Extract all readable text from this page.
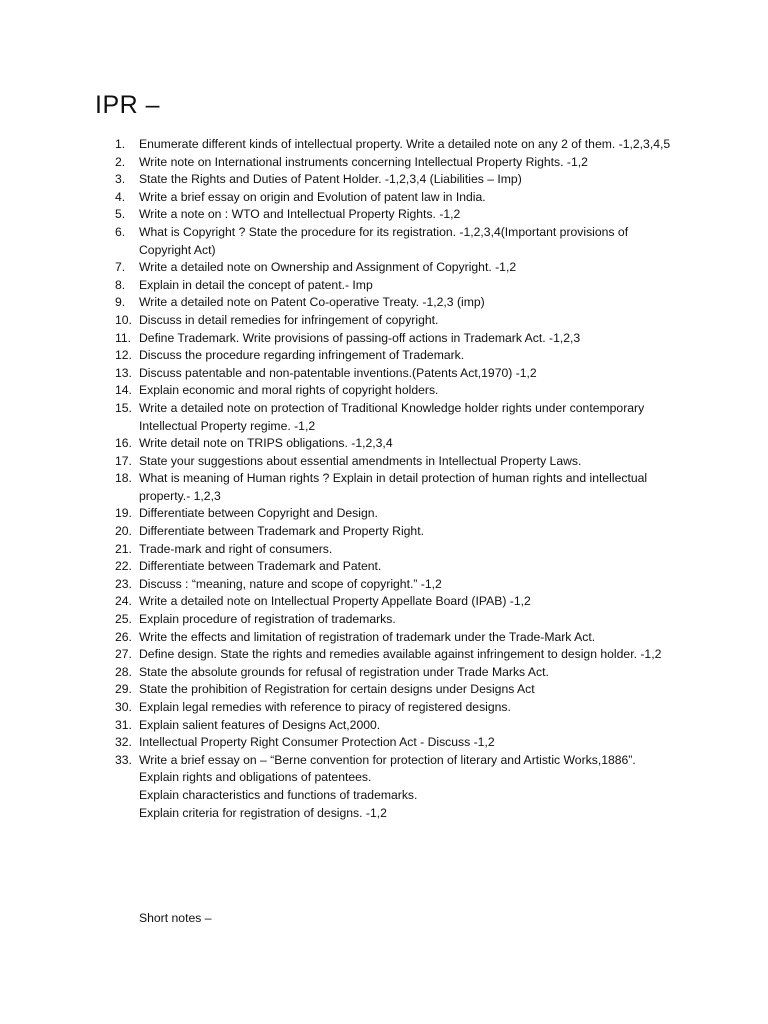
IPR –
1. Enumerate different kinds of intellectual property. Write a detailed note on any 2 of them. -1,2,3,4,5
2. Write note on International instruments concerning Intellectual Property Rights. -1,2
3. State the Rights and Duties of Patent Holder. -1,2,3,4 (Liabilities – Imp)
4. Write a brief essay on origin and Evolution of patent law in India.
5. Write a note on : WTO and Intellectual Property Rights. -1,2
6. What is Copyright ? State the procedure for its registration. -1,2,3,4(Important provisions of Copyright Act)
7. Write a detailed note on Ownership and Assignment of Copyright. -1,2
8. Explain in detail the concept of patent.- Imp
9. Write a detailed note on Patent Co-operative Treaty. -1,2,3 (imp)
10. Discuss in detail remedies for infringement of copyright.
11. Define Trademark. Write provisions of passing-off actions in Trademark Act. -1,2,3
12. Discuss the procedure regarding infringement of Trademark.
13. Discuss patentable and non-patentable inventions.(Patents Act,1970) -1,2
14. Explain economic and moral rights of copyright holders.
15. Write a detailed note on protection of Traditional Knowledge holder rights under contemporary Intellectual Property regime. -1,2
16. Write detail note on TRIPS obligations. -1,2,3,4
17. State your suggestions about essential amendments in Intellectual Property Laws.
18. What is meaning of Human rights ? Explain in detail protection of human rights and intellectual property.- 1,2,3
19. Differentiate between Copyright and Design.
20. Differentiate between Trademark and Property Right.
21. Trade-mark and right of consumers.
22. Differentiate between Trademark and Patent.
23. Discuss : “meaning, nature and scope of copyright.” -1,2
24. Write a detailed note on Intellectual Property Appellate Board (IPAB) -1,2
25. Explain procedure of registration of trademarks.
26. Write the effects and limitation of registration of trademark under the Trade-Mark Act.
27. Define design. State the rights and remedies available against infringement to design holder. -1,2
28. State the absolute grounds for refusal of registration under Trade Marks Act.
29. State the prohibition of Registration for certain designs under Designs Act
30. Explain legal remedies with reference to piracy of registered designs.
31. Explain salient features of Designs Act,2000.
32. Intellectual Property Right Consumer Protection Act - Discuss -1,2
33. Write a brief essay on – “Berne convention for protection of literary and Artistic Works,1886”.
Explain rights and obligations of patentees.
Explain characteristics and functions of trademarks.
Explain criteria for registration of designs. -1,2
Short notes –
